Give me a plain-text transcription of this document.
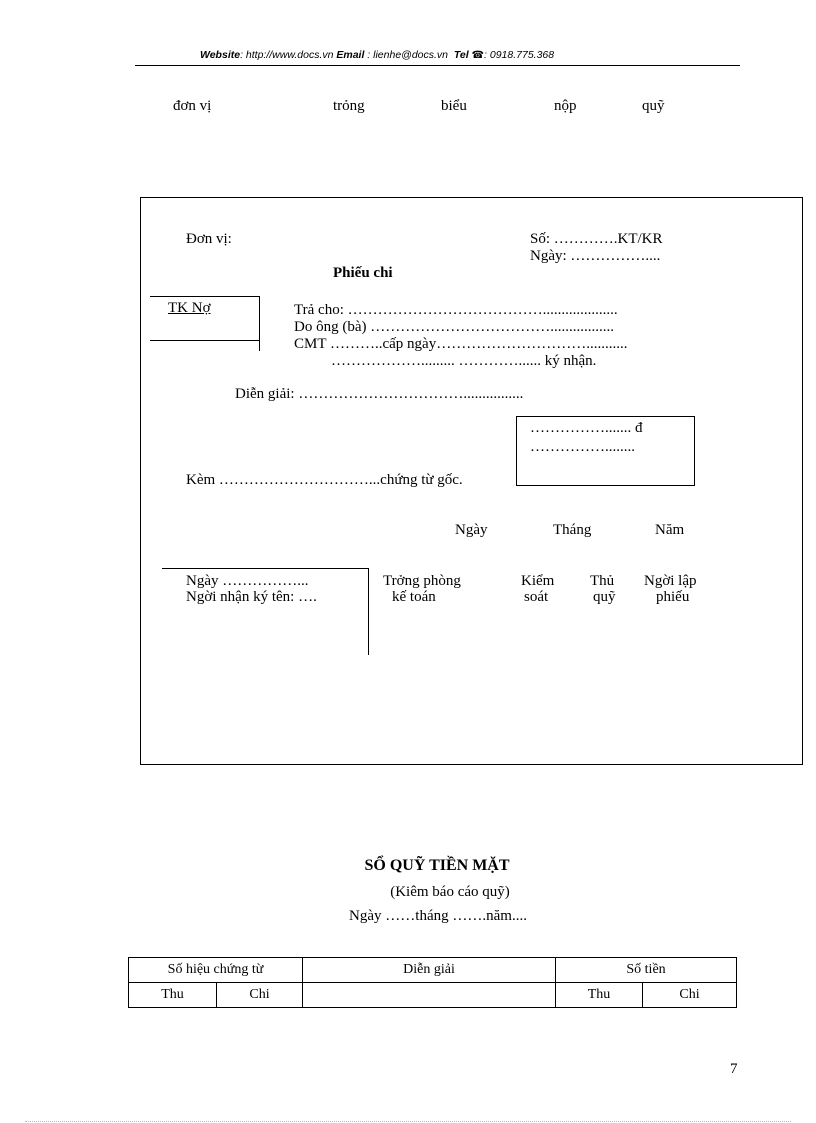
Website: http://www.docs.vn Email : lienhe@docs.vn Tel ☎: 0918.775.368
đơn vị	trỏng	biểu	nộp	quỹ
Đơn vị:	Số: ………….KT/KR
Ngày: ……………....
Phiếu chi
TK Nợ	Trả cho: …………………………………....................
Do ông (bà) ……………………………….................
CMT ………..cấp ngày…………………………...........
………………......... …………...... ký nhận.
Diễn giải: ……………………………................
……………....... đ
……………........
Kèm …………………………...chứng từ gốc.
Ngày	Tháng	Năm
Ngày ……………...
Ngời nhận ký tên: ….
Trởng phòng	Kiểm Thủ Ngời lập
kế toán	soát	quỹ	phiếu
SỔ QUỸ TIỀN MẶT
(Kiêm báo cáo quỹ)
Ngày ……tháng …….năm....
Số hiệu chứng từ		Diễn giải	Số tiền	
Thu	Chi		Thu	Chi
7
